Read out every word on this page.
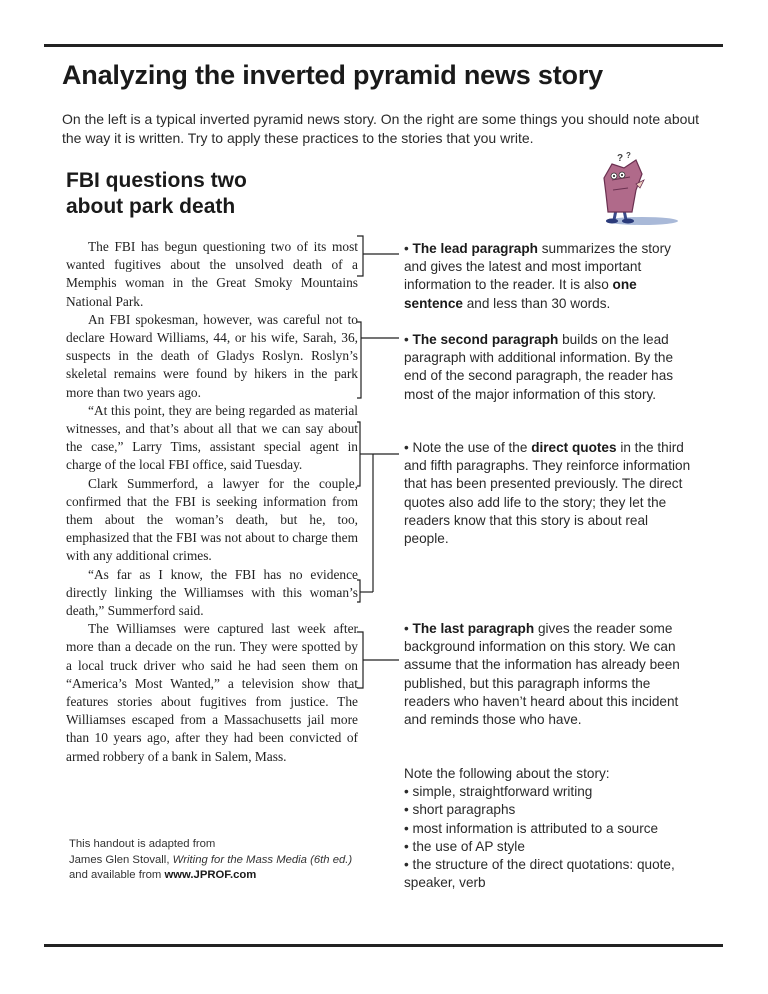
Analyzing the inverted pyramid news story

On the left is a typical inverted pyramid news story. On the right are some things you should note about the way it is written. Try to apply these practices to the stories that you write.

FBI questions two
about park death
? ?

The FBI has begun questioning two of its most wanted fugitives about the unsolved death of a Memphis woman in the Great Smoky Mountains National Park.

An FBI spokesman, however, was careful not to declare Howard Williams, 44, or his wife, Sarah, 36, suspects in the death of Gladys Roslyn. Roslyn’s skeletal remains were found by hikers in the park more than two years ago.

“At this point, they are being regarded as material witnesses, and that’s about all that we can say about the case,” Larry Tims, assistant special agent in charge of the local FBI office, said Tuesday.

Clark Summerford, a lawyer for the couple, confirmed that the FBI is seeking information from them about the woman’s death, but he, too, emphasized that the FBI was not about to charge them with any additional crimes.

“As far as I know, the FBI has no evidence directly linking the Williamses with this woman’s death,” Summerford said.

The Williamses were captured last week after more than a decade on the run. They were spotted by a local truck driver who said he had seen them on “America’s Most Wanted,” a television show that features stories about fugitives from justice. The Williamses escaped from a Massachusetts jail more than 10 years ago, after they had been convicted of armed robbery of a bank in Salem, Mass.

• The lead paragraph summarizes the story and gives the latest and most important information to the reader. It is also one sentence and less than 30 words.
• The second paragraph builds on the lead paragraph with additional information. By the end of the second paragraph, the reader has most of the major information of this story.
• Note the use of the direct quotes in the third and fifth paragraphs. They reinforce information that has been presented previously. The direct quotes also add life to the story; they let the readers know that this story is about real people.
• The last paragraph gives the reader some background information on this story. We can assume that the information has already been published, but this paragraph informs the readers who haven’t heard about this incident and reminds those who have.
Note the following about the story:
• simple, straightforward writing
• short paragraphs
• most information is attributed to a source
• the use of AP style
• the structure of the direct quotations: quote, speaker, verb
This handout is adapted from
James Glen Stovall, Writing for the Mass Media (6th ed.)
and available from www.JPROF.com
